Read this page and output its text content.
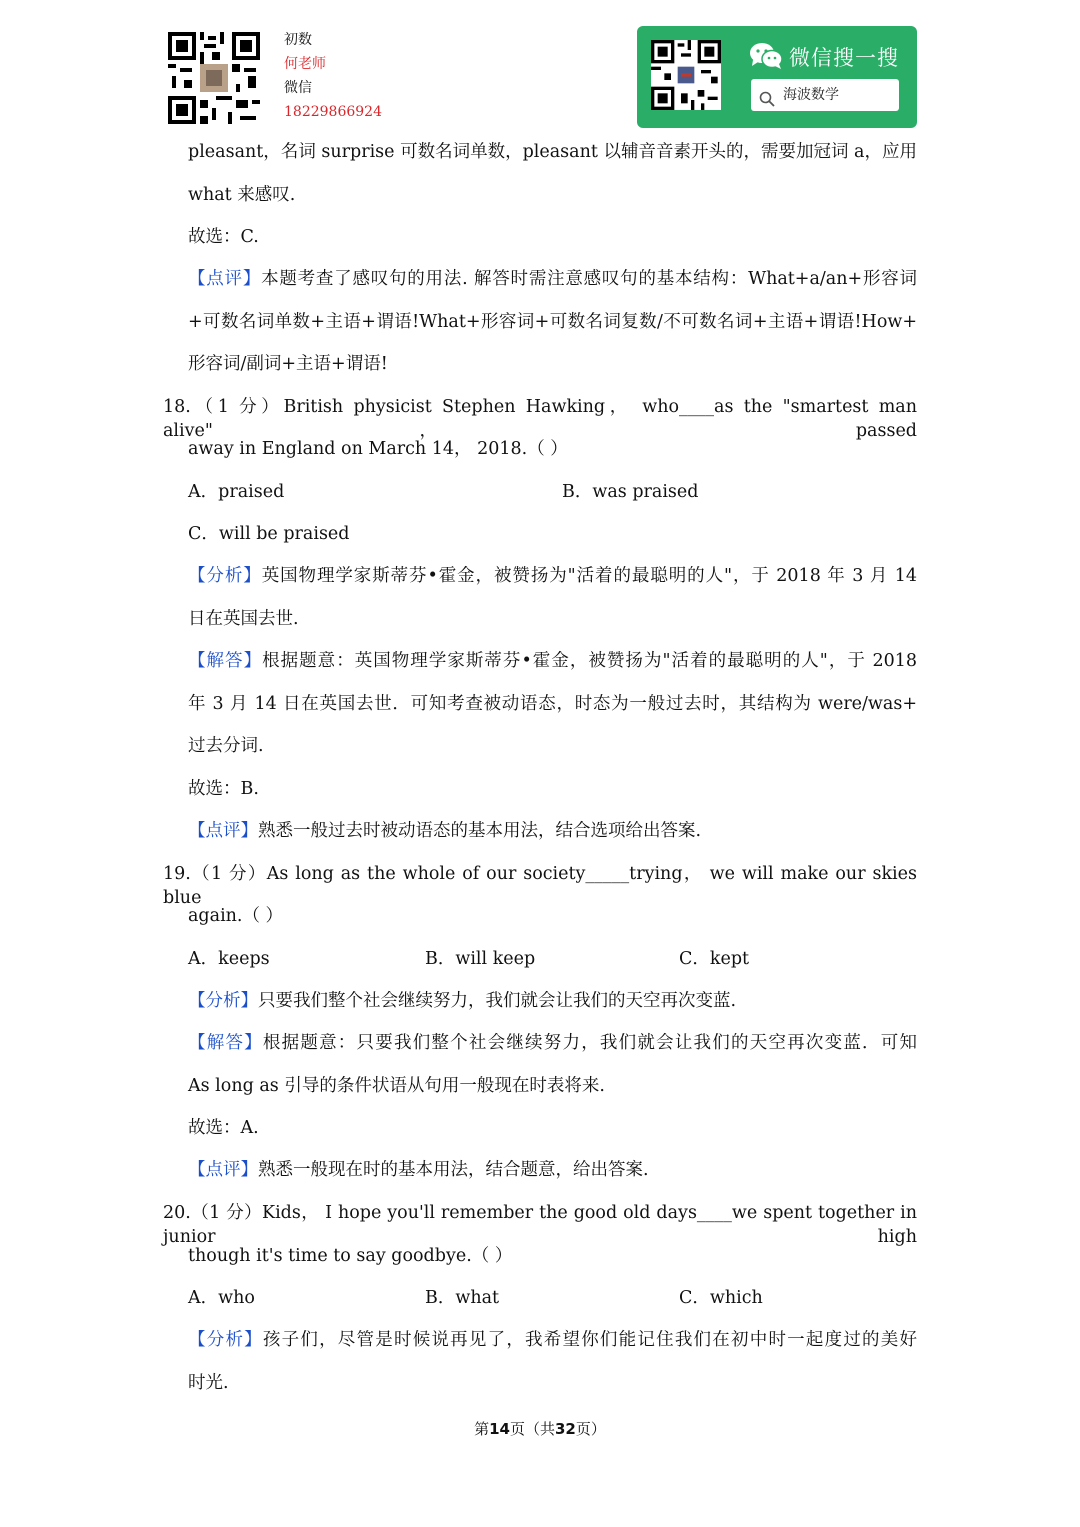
初数
何老师
微信
18229866924
微信搜一搜
海波数学
pleasant，名词 surprise 可数名词单数，pleasant 以辅音音素开头的，需要加冠词 a，应用
what 来感叹.
故选：C.
【点评】本题考查了感叹句的用法. 解答时需注意感叹句的基本结构：What+a/an+形容词
+可数名词单数+主语+谓语!What+形容词+可数名词复数/不可数名词+主语+谓语!How+
形容词/副词+主语+谓语!
18.（1 分）British physicist Stephen Hawking， who____as the "smartest man alive"， passed
away in England on March 14， 2018.（ ）
A．praised	B．was praised
C．will be praised
【分析】英国物理学家斯蒂芬•霍金，被赞扬为"活着的最聪明的人"，于 2018 年 3 月 14
日在英国去世.
【解答】根据题意：英国物理学家斯蒂芬•霍金，被赞扬为"活着的最聪明的人"，于 2018
年 3 月 14 日在英国去世．可知考查被动语态，时态为一般过去时，其结构为 were/was+
过去分词.
故选：B.
【点评】熟悉一般过去时被动语态的基本用法，结合选项给出答案.
19.（1 分）As long as the whole of our society_____trying， we will make our skies blue
again.（ ）
A．keeps	B．will keep	C．kept
【分析】只要我们整个社会继续努力，我们就会让我们的天空再次变蓝.
【解答】根据题意：只要我们整个社会继续努力，我们就会让我们的天空再次变蓝．可知
As long as 引导的条件状语从句用一般现在时表将来.
故选：A.
【点评】熟悉一般现在时的基本用法，结合题意，给出答案.
20.（1 分）Kids， I hope you'll remember the good old days____we spent together in junior high
though it's time to say goodbye.（ ）
A．who	B．what	C．which
【分析】孩子们，尽管是时候说再见了，我希望你们能记住我们在初中时一起度过的美好
时光.
第14页（共32页）
